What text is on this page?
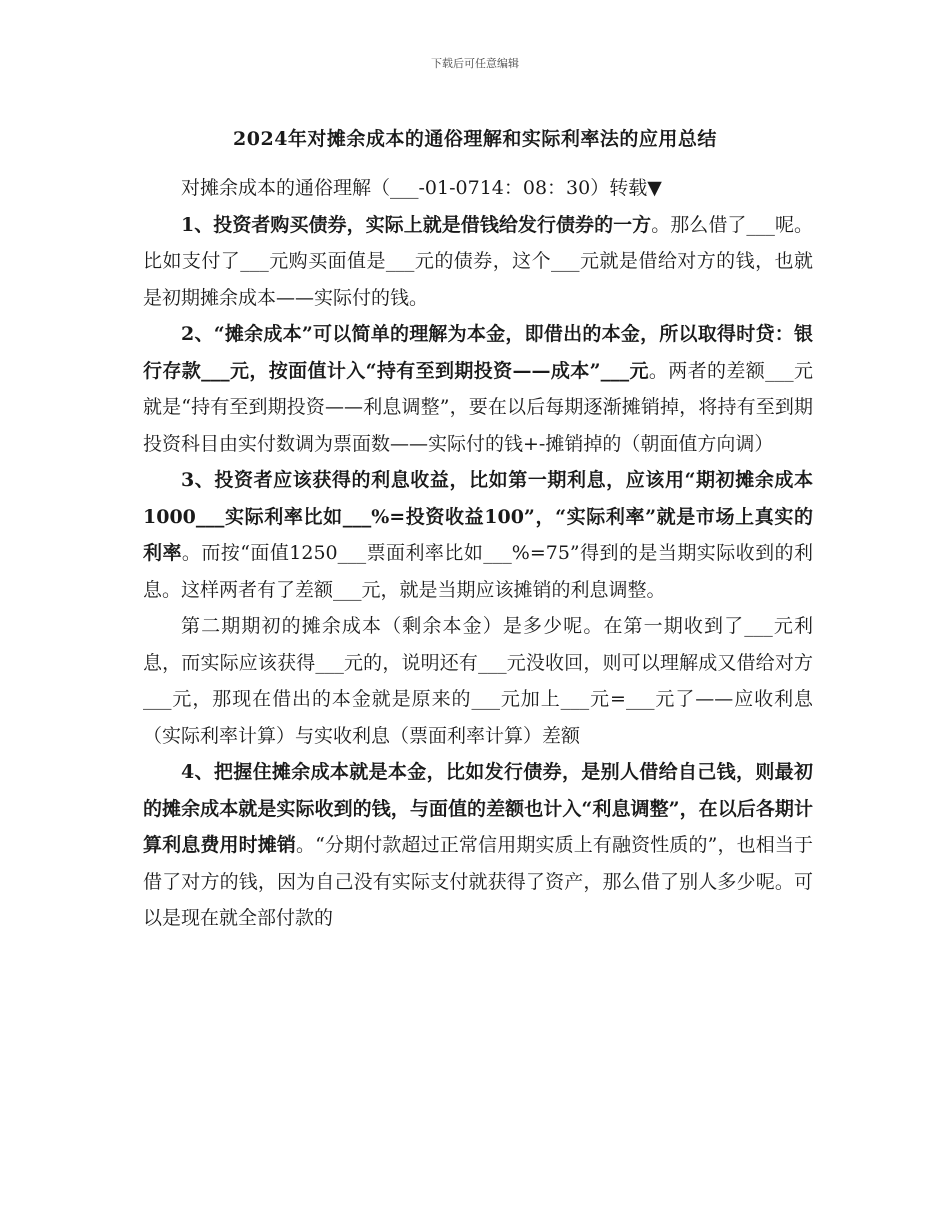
下载后可任意编辑
2024年对摊余成本的通俗理解和实际利率法的应用总结

对摊余成本的通俗理解（___-01-0714：08：30）转载▼

1、投资者购买债券，实际上就是借钱给发行债券的一方。那么借了___呢。比如支付了___元购买面值是___元的债券，这个___元就是借给对方的钱，也就是初期摊余成本——实际付的钱。

2、“摊余成本”可以简单的理解为本金，即借出的本金，所以取得时贷：银行存款___元，按面值计入“持有至到期投资——成本”___元。两者的差额___元就是“持有至到期投资——利息调整”，要在以后每期逐渐摊销掉，将持有至到期投资科目由实付数调为票面数——实际付的钱+-摊销掉的（朝面值方向调）

3、投资者应该获得的利息收益，比如第一期利息，应该用“期初摊余成本1000___实际利率比如___%=投资收益100”，“实际利率”就是市场上真实的利率。而按“面值1250___票面利率比如___%=75”得到的是当期实际收到的利息。这样两者有了差额___元，就是当期应该摊销的利息调整。

第二期期初的摊余成本（剩余本金）是多少呢。在第一期收到了___元利息，而实际应该获得___元的，说明还有___元没收回，则可以理解成又借给对方___元，那现在借出的本金就是原来的___元加上___元=___元了——应收利息（实际利率计算）与实收利息（票面利率计算）差额

4、把握住摊余成本就是本金，比如发行债券，是别人借给自己钱，则最初的摊余成本就是实际收到的钱，与面值的差额也计入“利息调整”，在以后各期计算利息费用时摊销。“分期付款超过正常信用期实质上有融资性质的”，也相当于借了对方的钱，因为自己没有实际支付就获得了资产，那么借了别人多少呢。可以是现在就全部付款的
